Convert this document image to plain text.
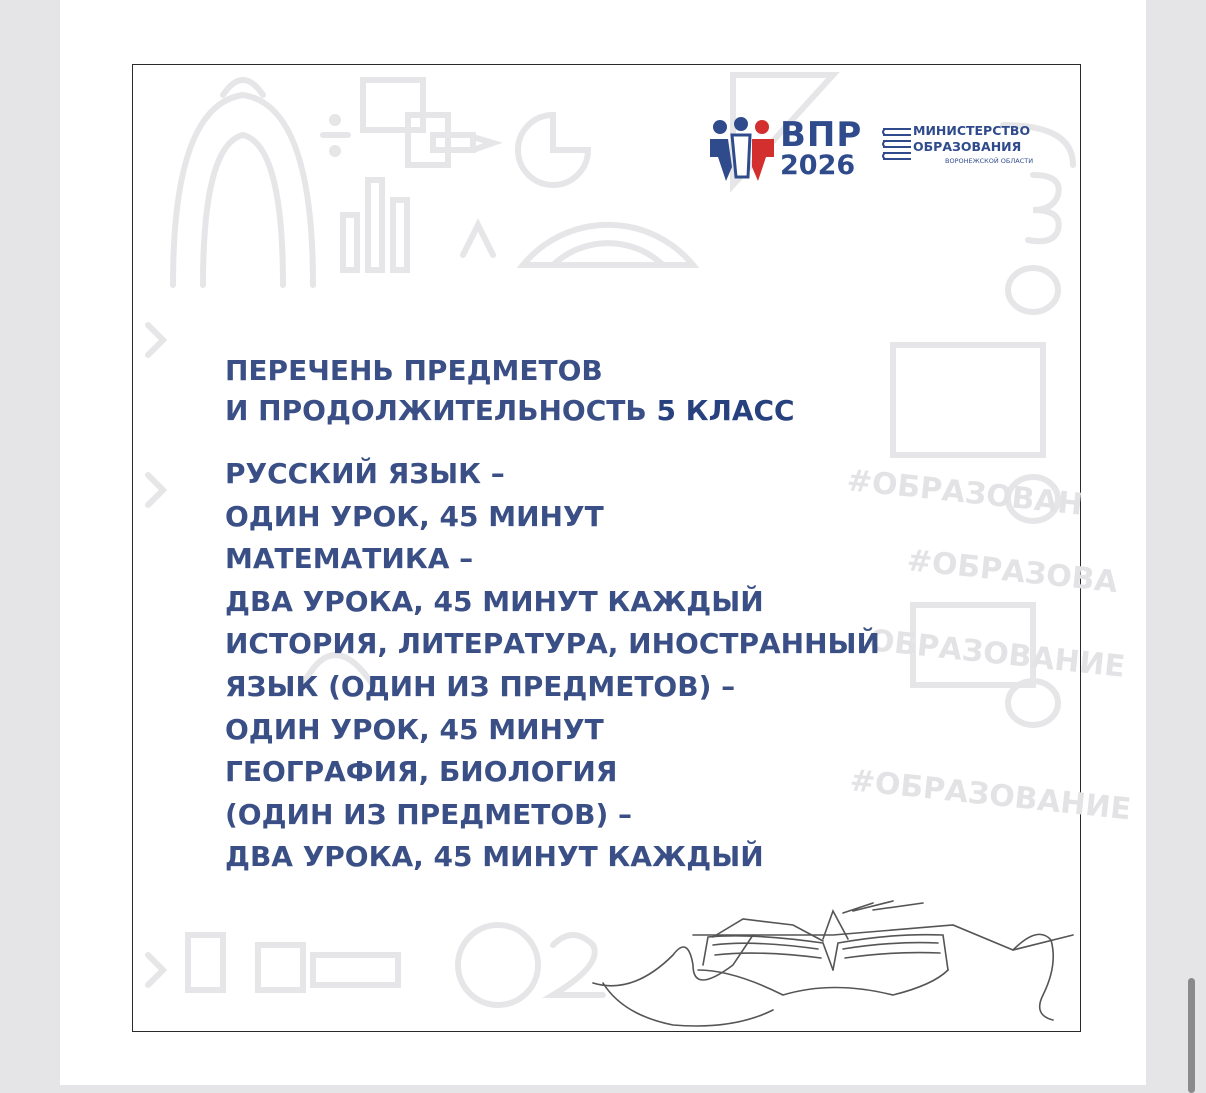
#ОБРАЗОВАН
#ОБРАЗОВА
ОБРАЗОВАНИЕ
#ОБРАЗОВАНИЕ
ВПР
2026
МИНИСТЕРСТВО
ОБРАЗОВАНИЯ
ВОРОНЕЖСКОЙ ОБЛАСТИ
ПЕРЕЧЕНЬ ПРЕДМЕТОВ
И ПРОДОЛЖИТЕЛЬНОСТЬ 5 КЛАСС
РУССКИЙ ЯЗЫК –
ОДИН УРОК, 45 МИНУТ
МАТЕМАТИКА –
ДВА УРОКА, 45 МИНУТ КАЖДЫЙ
ИСТОРИЯ, ЛИТЕРАТУРА, ИНОСТРАННЫЙ
ЯЗЫК (ОДИН ИЗ ПРЕДМЕТОВ) –
ОДИН УРОК, 45 МИНУТ
ГЕОГРАФИЯ, БИОЛОГИЯ
(ОДИН ИЗ ПРЕДМЕТОВ) –
ДВА УРОКА, 45 МИНУТ КАЖДЫЙ
